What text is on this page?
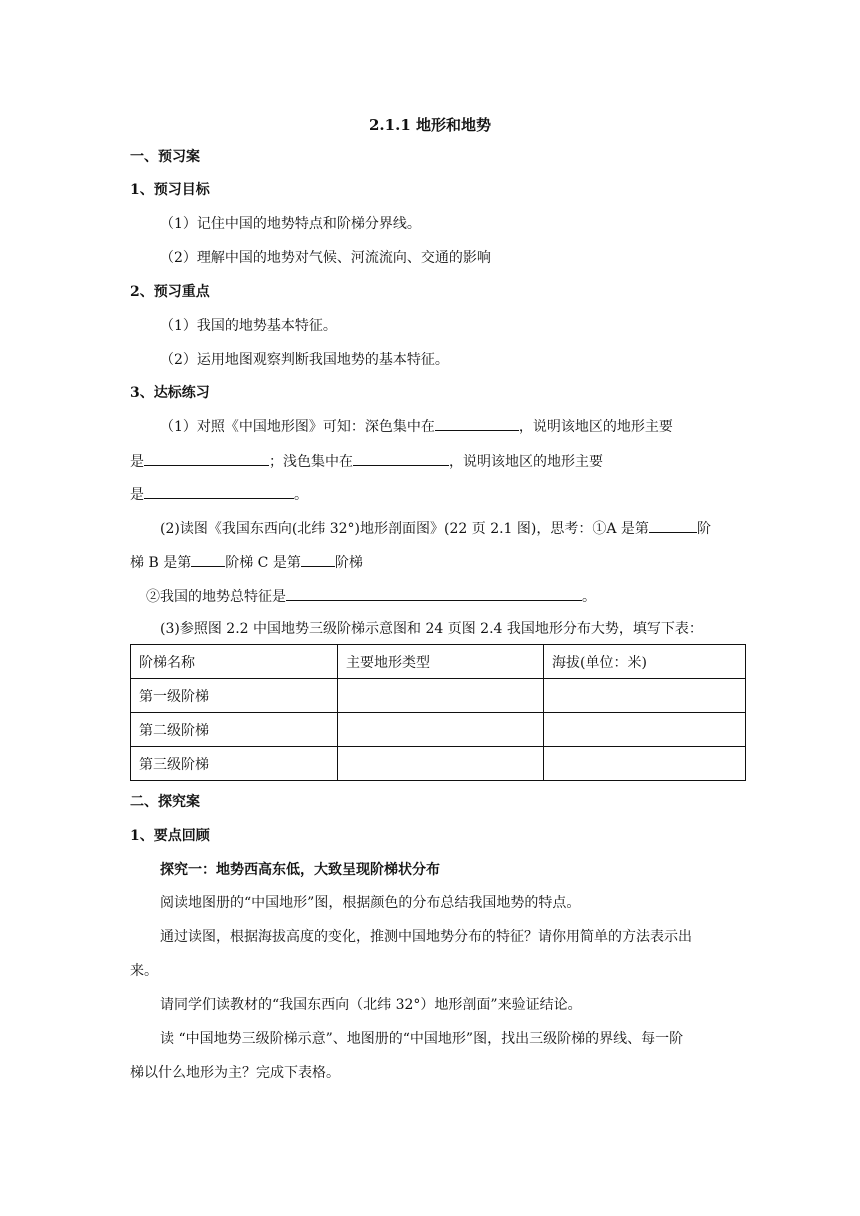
2.1.1 地形和地势
一、预习案
1、预习目标
（1）记住中国的地势特点和阶梯分界线。
（2）理解中国的地势对气候、河流流向、交通的影响
2、预习重点
（1）我国的地势基本特征。
（2）运用地图观察判断我国地势的基本特征。
3、达标练习
（1）对照《中国地形图》可知：深色集中在	，说明该地区的地形主要
是	；浅色集中在	，说明该地区的地形主要
是	。
(2)读图《我国东西向(北纬 32°)地形剖面图》(22 页 2.1 图)，思考：①A 是第	阶
梯 B 是第 阶梯 C 是第 阶梯
②我国的地势总特征是	。
(3)参照图 2.2 中国地势三级阶梯示意图和 24 页图 2.4 我国地形分布大势，填写下表：
阶梯名称	主要地形类型	海拔(单位：米)
第一级阶梯		
第二级阶梯		
第三级阶梯		
二、探究案
1、要点回顾
探究一：地势西高东低，大致呈现阶梯状分布
阅读地图册的“中国地形”图，根据颜色的分布总结我国地势的特点。
通过读图，根据海拔高度的变化，推测中国地势分布的特征？请你用简单的方法表示出
来。
请同学们读教材的“我国东西向（北纬 32°）地形剖面”来验证结论。
读 “中国地势三级阶梯示意”、地图册的“中国地形”图，找出三级阶梯的界线、每一阶
梯以什么地形为主？完成下表格。
